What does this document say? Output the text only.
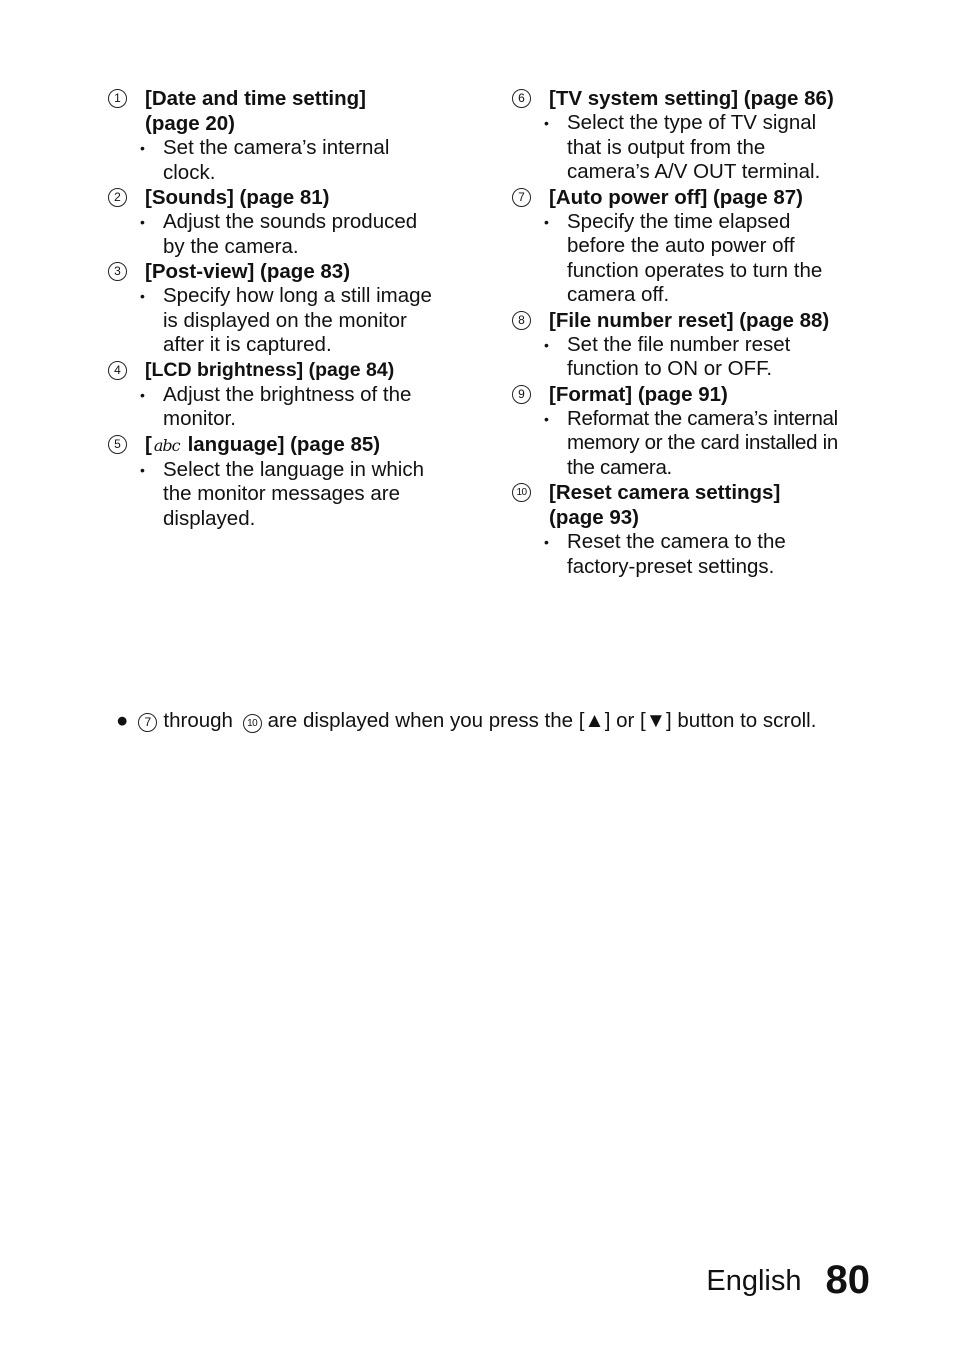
1	[Date and time setting]
(page 20)
• Set the camera’s internal
clock.
2	[Sounds] (page 81)
• Adjust the sounds produced
by the camera.
3	[Post-view] (page 83)
• Specify how long a still image
is displayed on the monitor
after it is captured.
4	[LCD brightness] (page 84)
• Adjust the brightness of the
monitor.
5	[ abc language] (page 85)
• Select the language in which
the monitor messages are
displayed.
6	[TV system setting] (page 86)
• Select the type of TV signal
that is output from the
camera’s A/V OUT terminal.
7	[Auto power off] (page 87)
• Specify the time elapsed
before the auto power off
function operates to turn the
camera off.
8	[File number reset] (page 88)
• Set the file number reset
function to ON or OFF.
9	[Format] (page 91)
• Reformat the camera’s internal
memory or the card installed in
the camera.
10 [Reset camera settings]
(page 93)
• Reset the camera to the
factory-preset settings.
● 7 through 10 are displayed when you press the [▲] or [▼] button to scroll.
English 80
